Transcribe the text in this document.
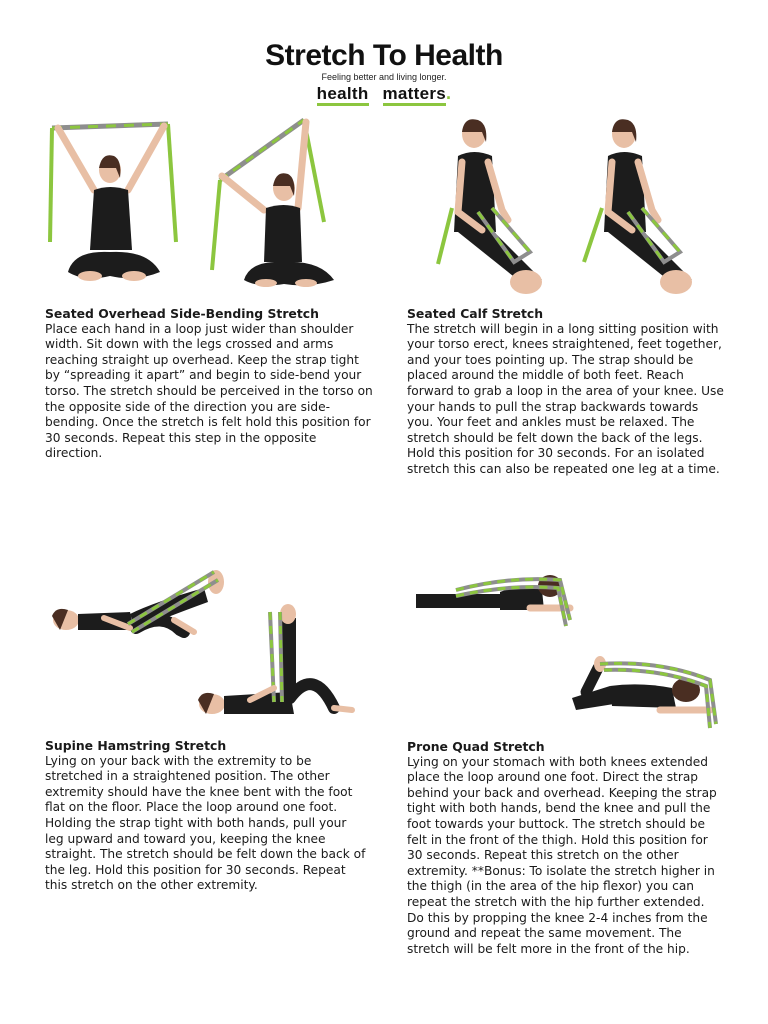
Stretch To Health
Feeling better and living longer.
health matters.
Seated Overhead Side-Bending Stretch

Place each hand in a loop just wider than shoulder width. Sit down with the legs crossed and arms reaching straight up overhead. Keep the strap tight by “spreading it apart” and begin to side-bend your torso. The stretch should be perceived in the torso on the opposite side of the direction you are side-bending. Once the stretch is felt hold this position for 30 seconds. Repeat this step in the opposite direction.

Seated Calf Stretch

The stretch will begin in a long sitting position with your torso erect, knees straightened, feet together, and your toes pointing up. The strap should be placed around the middle of both feet. Reach forward to grab a loop in the area of your knee. Use your hands to pull the strap backwards towards you. Your feet and ankles must be relaxed. The stretch should be felt down the back of the legs. Hold this position for 30 seconds. For an isolated stretch this can also be repeated one leg at a time.

Supine Hamstring Stretch

Lying on your back with the extremity to be stretched in a straightened position. The other extremity should have the knee bent with the foot flat on the floor. Place the loop around one foot. Holding the strap tight with both hands, pull your leg upward and toward you, keeping the knee straight. The stretch should be felt down the back of the leg. Hold this position for 30 seconds. Repeat this stretch on the other extremity.

Prone Quad Stretch

Lying on your stomach with both knees extended place the loop around one foot. Direct the strap behind your back and overhead. Keeping the strap tight with both hands, bend the knee and pull the foot towards your buttock. The stretch should be felt in the front of the thigh. Hold this position for 30 seconds. Repeat this stretch on the other extremity. **Bonus: To isolate the stretch higher in the thigh (in the area of the hip flexor) you can repeat the stretch with the hip further extended. Do this by propping the knee 2-4 inches from the ground and repeat the same movement. The stretch will be felt more in the front of the hip.
